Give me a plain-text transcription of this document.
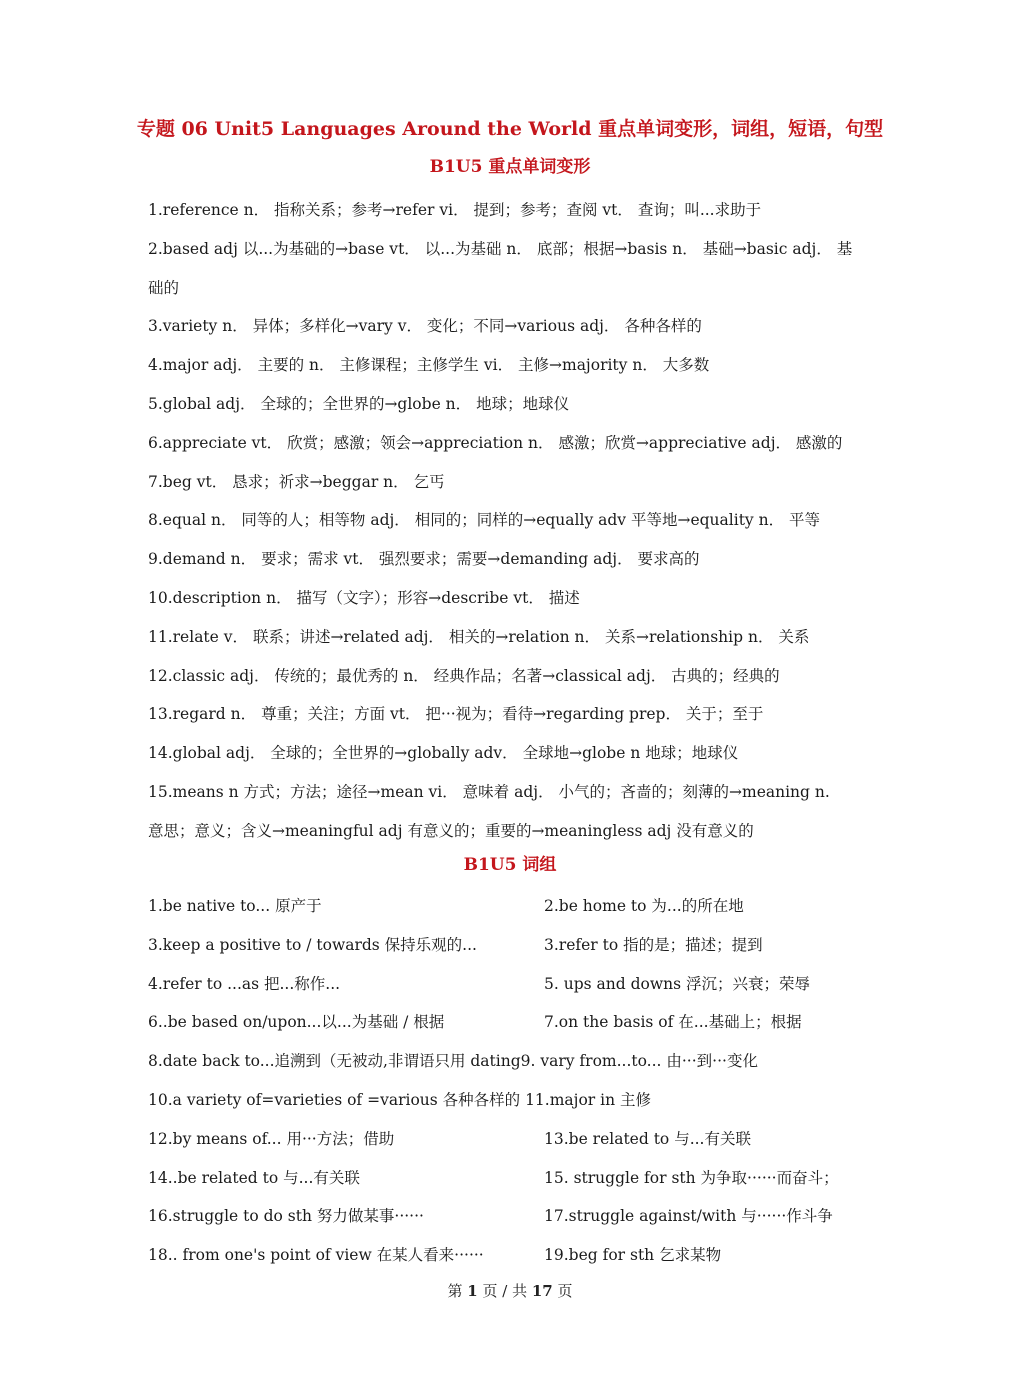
专题 06 Unit5 Languages Around the World 重点单词变形，词组，短语，句型
B1U5 重点单词变形
1.reference n． 指称关系；参考→refer vi． 提到；参考；查阅 vt． 查询；叫...求助于
2.based adj 以...为基础的→base vt． 以...为基础 n． 底部；根据→basis n． 基础→basic adj． 基
础的
3.variety n． 异体；多样化→vary v． 变化；不同→various adj． 各种各样的
4.major adj． 主要的 n． 主修课程；主修学生 vi． 主修→majority n． 大多数
5.global adj． 全球的；全世界的→globe n． 地球；地球仪
6.appreciate vt． 欣赏；感激；领会→appreciation n． 感激；欣赏→appreciative adj． 感激的
7.beg vt． 恳求；祈求→beggar n． 乞丐
8.equal n． 同等的人；相等物 adj． 相同的；同样的→equally adv 平等地→equality n． 平等
9.demand n． 要求；需求 vt． 强烈要求；需要→demanding adj． 要求高的
10.description n． 描写（文字）；形容→describe vt． 描述
11.relate v． 联系；讲述→related adj． 相关的→relation n． 关系→relationship n． 关系
12.classic adj． 传统的；最优秀的 n． 经典作品；名著→classical adj． 古典的；经典的
13.regard n． 尊重；关注；方面 vt． 把···视为；看待→regarding prep． 关于；至于
14.global adj． 全球的；全世界的→globally adv． 全球地→globe n 地球；地球仪
15.means n 方式；方法；途径→mean vi． 意味着 adj． 小气的；吝啬的；刻薄的→meaning n.
意思；意义；含义→meaningful adj 有意义的；重要的→meaningless adj 没有意义的
B1U5 词组
1.be native to... 原产于	2.be home to 为...的所在地
3.keep a positive to / towards 保持乐观的...	3.refer to 指的是；描述；提到
4.refer to ...as 把...称作...	5. ups and downs 浮沉；兴衰；荣辱
6..be based on/upon...以...为基础 / 根据	7.on the basis of 在...基础上；根据
8.date back to...追溯到（无被动,非谓语只用 dating9. vary from...to... 由···到···变化
10.a variety of=varieties of =various 各种各样的 11.major in 主修
12.by means of... 用···方法；借助	13.be related to 与...有关联
14..be related to 与...有关联	15. struggle for sth 为争取······而奋斗；
16.struggle to do sth 努力做某事······	17.struggle against/with 与······作斗争
18.. from one's point of view 在某人看来······	19.beg for sth 乞求某物
第 1 页 / 共 17 页
